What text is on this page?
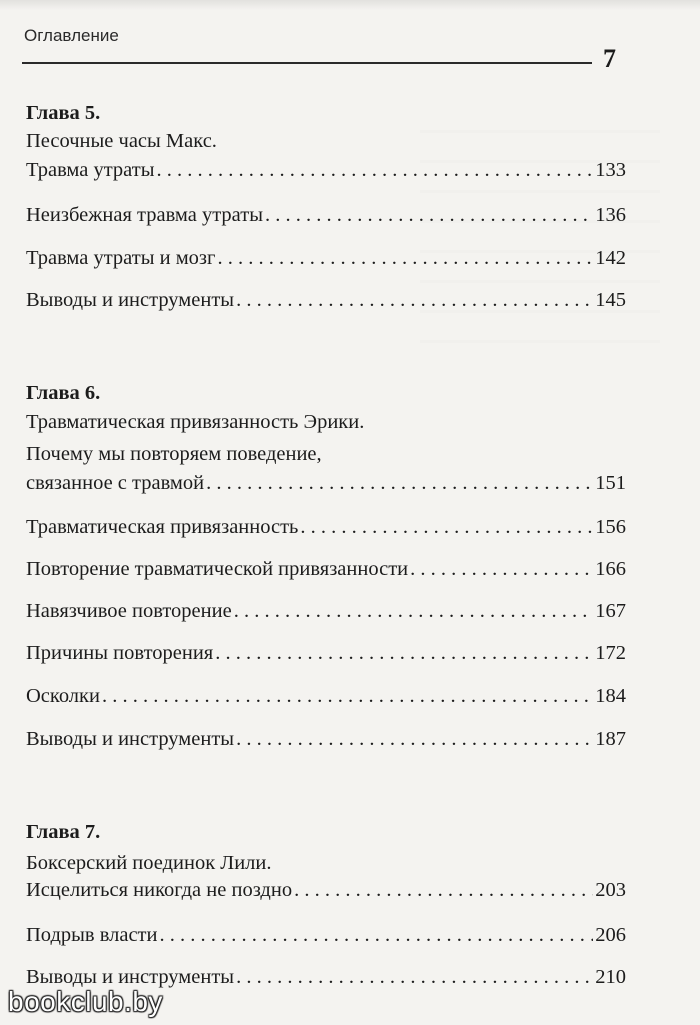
Оглавление
7
Глава 5.
Песочные часы Макс.
Травма утраты . . .	133
Неизбежная травма утраты . . .	136
Травма утраты и мозг . . .	142
Выводы и инструменты . . .	145
Глава 6.
Травматическая привязанность Эрики.
Почему мы повторяем поведение,
связанное с травмой . . .	151
Травматическая привязанность . . .	156
Повторение травматической привязанности . . .	166
Навязчивое повторение . . .	167
Причины повторения . . .	172
Осколки . . .	184
Выводы и инструменты . . .	187
Глава 7.
Боксерский поединок Лили.
Исцелиться никогда не поздно . . .	203
Подрыв власти . . .	206
Выводы и инструменты . . .	210
bookclub.by
